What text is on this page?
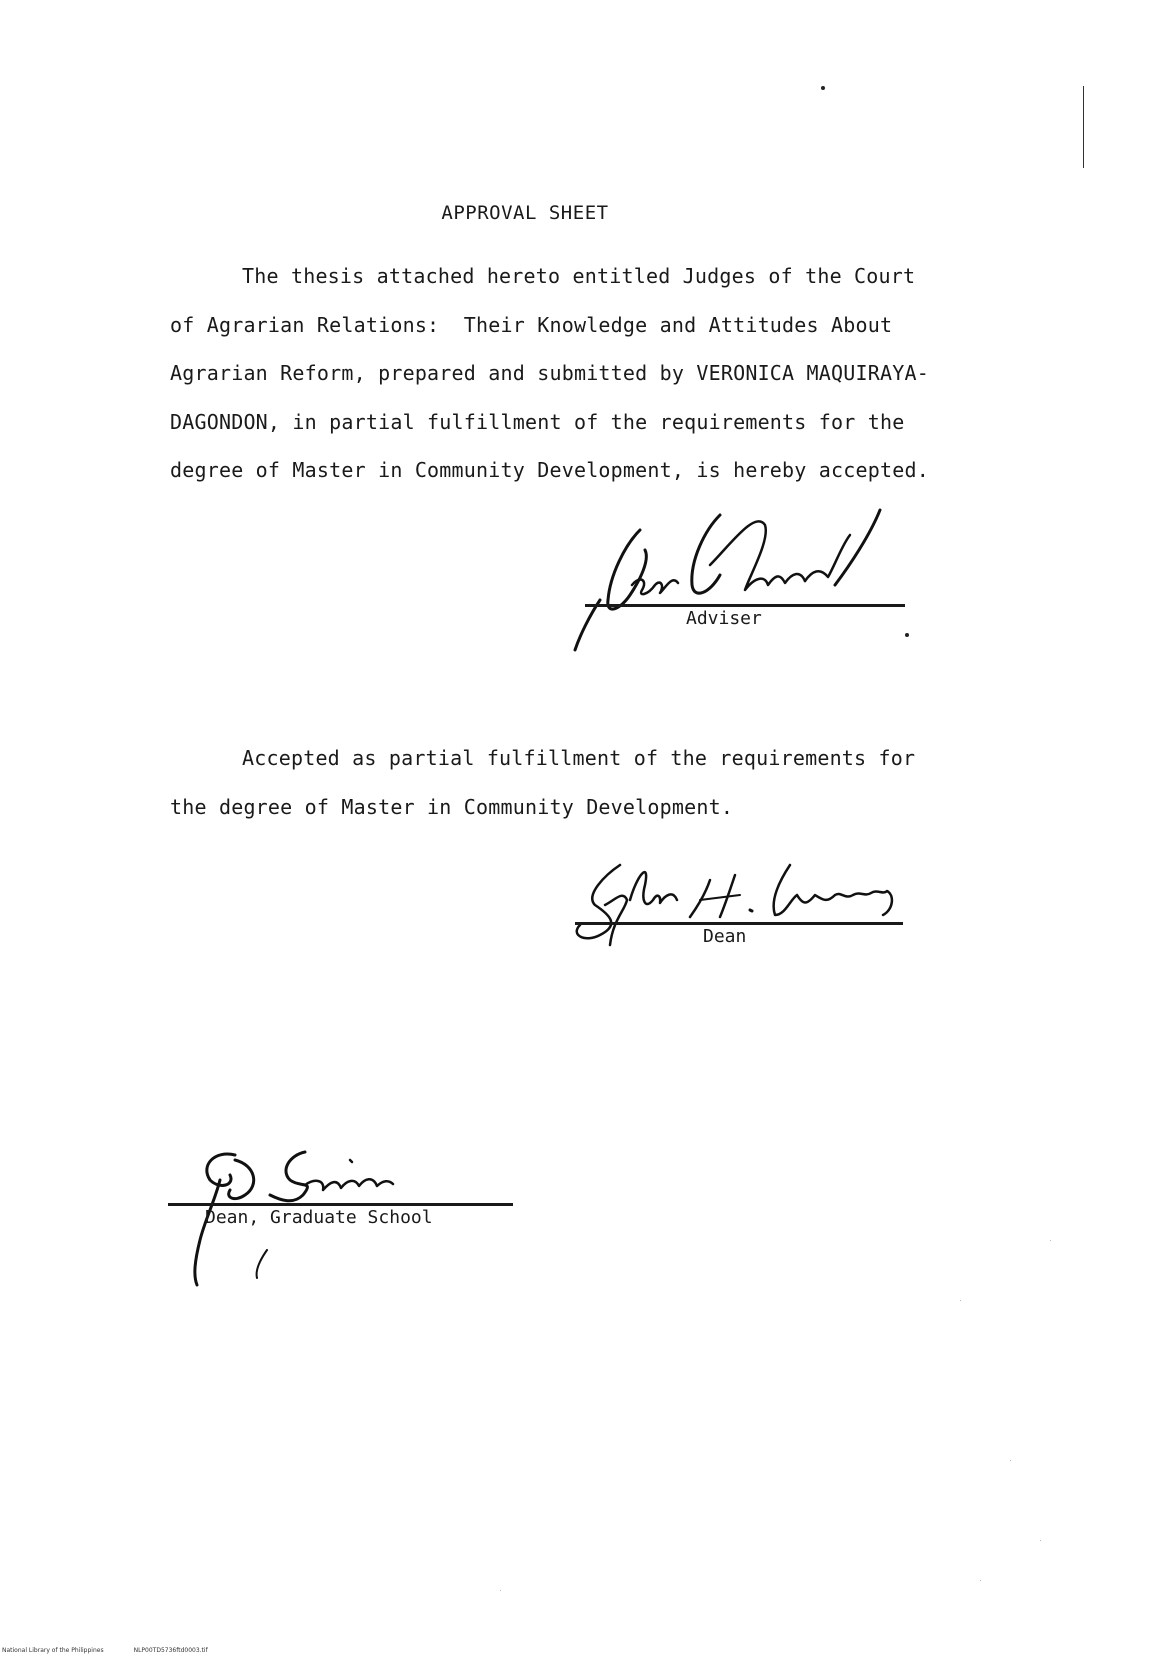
APPROVAL SHEET

The thesis attached hereto entitled Judges of the Court
of Agrarian Relations:  Their Knowledge and Attitudes About
Agrarian Reform, prepared and submitted by VERONICA MAQUIRAYA-
DAGONDON, in partial fulfillment of the requirements for the
degree of Master in Community Development, is hereby accepted.

Adviser

Accepted as partial fulfillment of the requirements for
the degree of Master in Community Development.

Dean
Dean, Graduate School
National Library of the Philippines	NLP00TD5736ftd0003.tif
